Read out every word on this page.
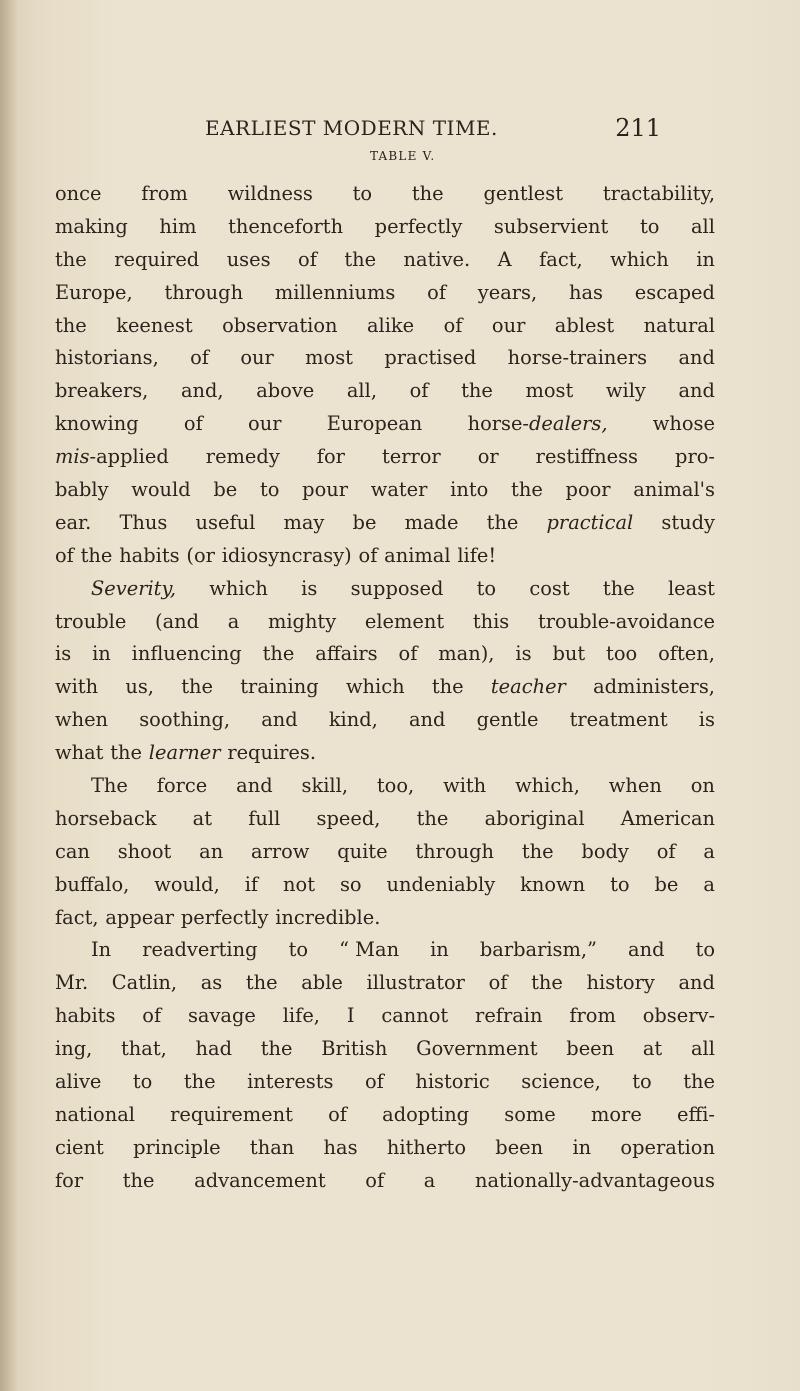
EARLIEST MODERN TIME.	211
TABLE V.
once from wildness to the gentlest tractability,
making him thenceforth perfectly subservient to all
the required uses of the native. A fact, which in
Europe, through millenniums of years, has escaped
the keenest observation alike of our ablest natural
historians, of our most practised horse-trainers and
breakers, and, above all, of the most wily and
knowing of our European horse-dealers, whose
mis-applied remedy for terror or restiffness pro-
bably would be to pour water into the poor animal's
ear. Thus useful may be made the practical study
of the habits (or idiosyncrasy) of animal life!
Severity, which is supposed to cost the least
trouble (and a mighty element this trouble-avoidance
is in influencing the affairs of man), is but too often,
with us, the training which the teacher administers,
when soothing, and kind, and gentle treatment is
what the learner requires.
The force and skill, too, with which, when on
horseback at full speed, the aboriginal American
can shoot an arrow quite through the body of a
buffalo, would, if not so undeniably known to be a
fact, appear perfectly incredible.
In readverting to “ Man in barbarism,” and to
Mr. Catlin, as the able illustrator of the history and
habits of savage life, I cannot refrain from observ-
ing, that, had the British Government been at all
alive to the interests of historic science, to the
national requirement of adopting some more effi-
cient principle than has hitherto been in operation
for the advancement of a nationally-advantageous
